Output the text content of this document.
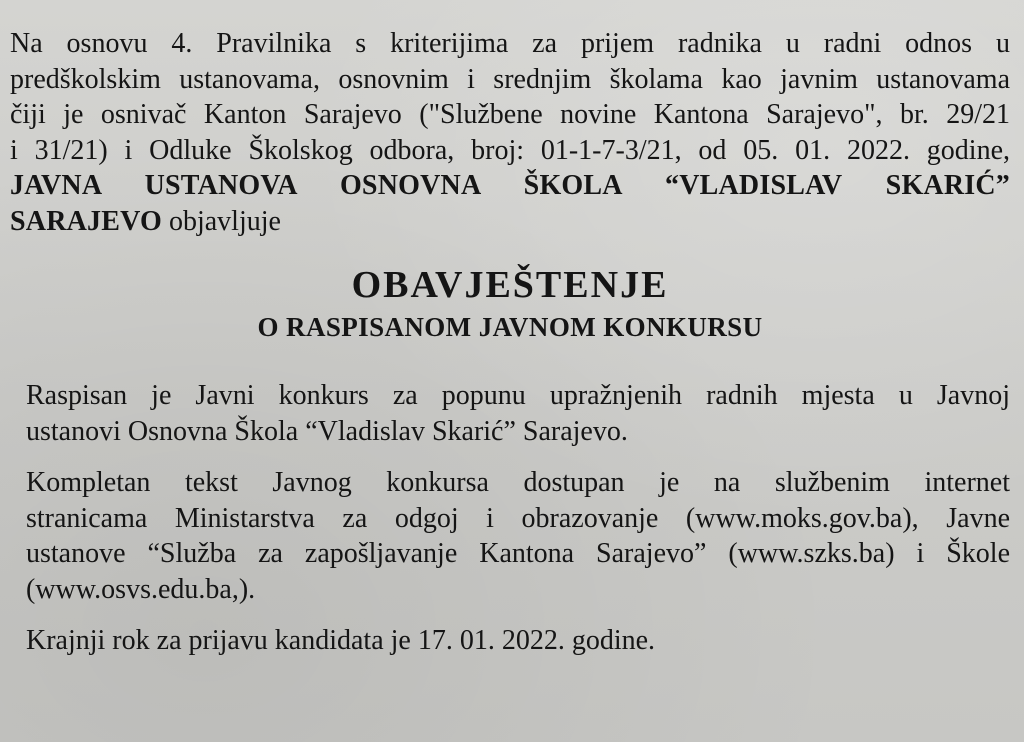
Na osnovu 4. Pravilnika s kriterijima za prijem radnika u radni odnos u
predškolskim ustanovama, osnovnim i srednjim školama kao javnim ustanovama
čiji je osnivač Kanton Sarajevo ("Službene novine Kantona Sarajevo", br. 29/21
i 31/21) i Odluke Školskog odbora, broj: 01-1-7-3/21, od 05. 01. 2022. godine,
JAVNA USTANOVA OSNOVNA ŠKOLA “VLADISLAV SKARIĆ”
SARAJEVO objavljuje
OBAVJEŠTENJE
O RASPISANOM JAVNOM KONKURSU
Raspisan je Javni konkurs za popunu upražnjenih radnih mjesta u Javnoj
ustanovi Osnovna Škola “Vladislav Skarić” Sarajevo.
Kompletan tekst Javnog konkursa dostupan je na službenim internet
stranicama Ministarstva za odgoj i obrazovanje (www.moks.gov.ba), Javne
ustanove “Služba za zapošljavanje Kantona Sarajevo” (www.szks.ba) i Škole
(www.osvs.edu.ba,).
Krajnji rok za prijavu kandidata je 17. 01. 2022. godine.
